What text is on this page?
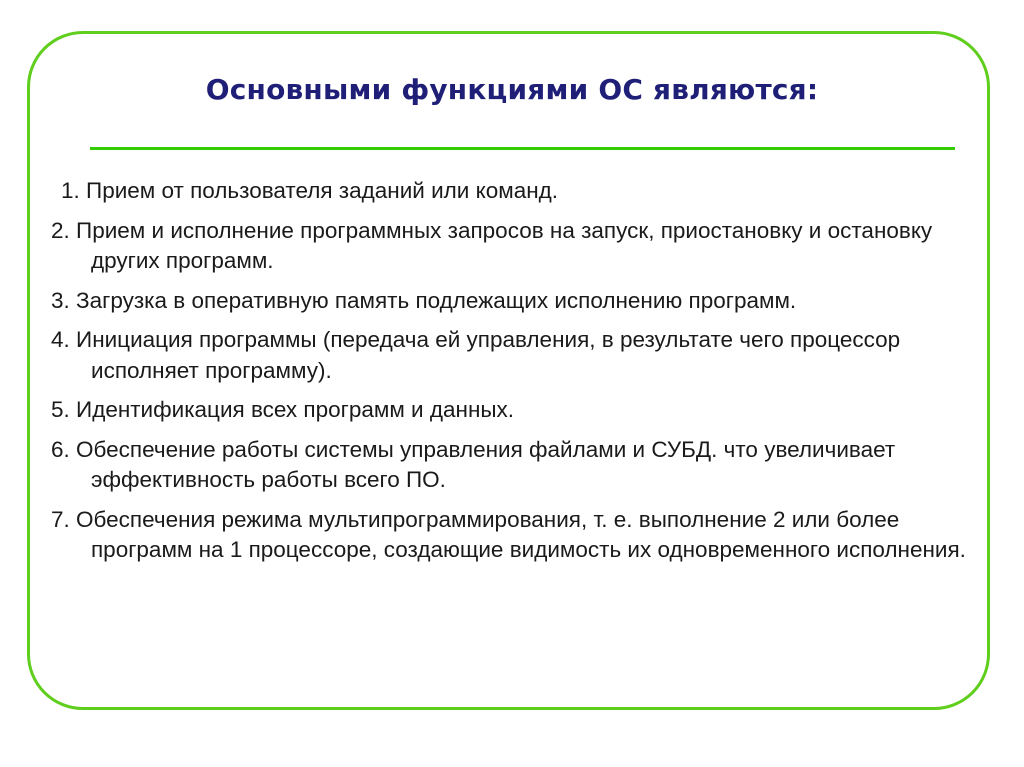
Основными функциями ОС являются:
1. Прием от пользователя заданий или команд.
2. Прием и исполнение программных запросов на запуск, приостановку и остановку других программ.
3. Загрузка в оперативную память подлежащих исполнению программ.
4. Инициация программы (передача ей управления, в результате чего процессор исполняет программу).
5. Идентификация всех программ и данных.
6. Обеспечение работы системы управления файлами и СУБД. что увеличивает эффективность работы всего ПО.
7. Обеспечения режима мультипрограммирования, т. е. выполнение 2 или более программ на 1 процессоре, создающие видимость их одновременного исполнения.
